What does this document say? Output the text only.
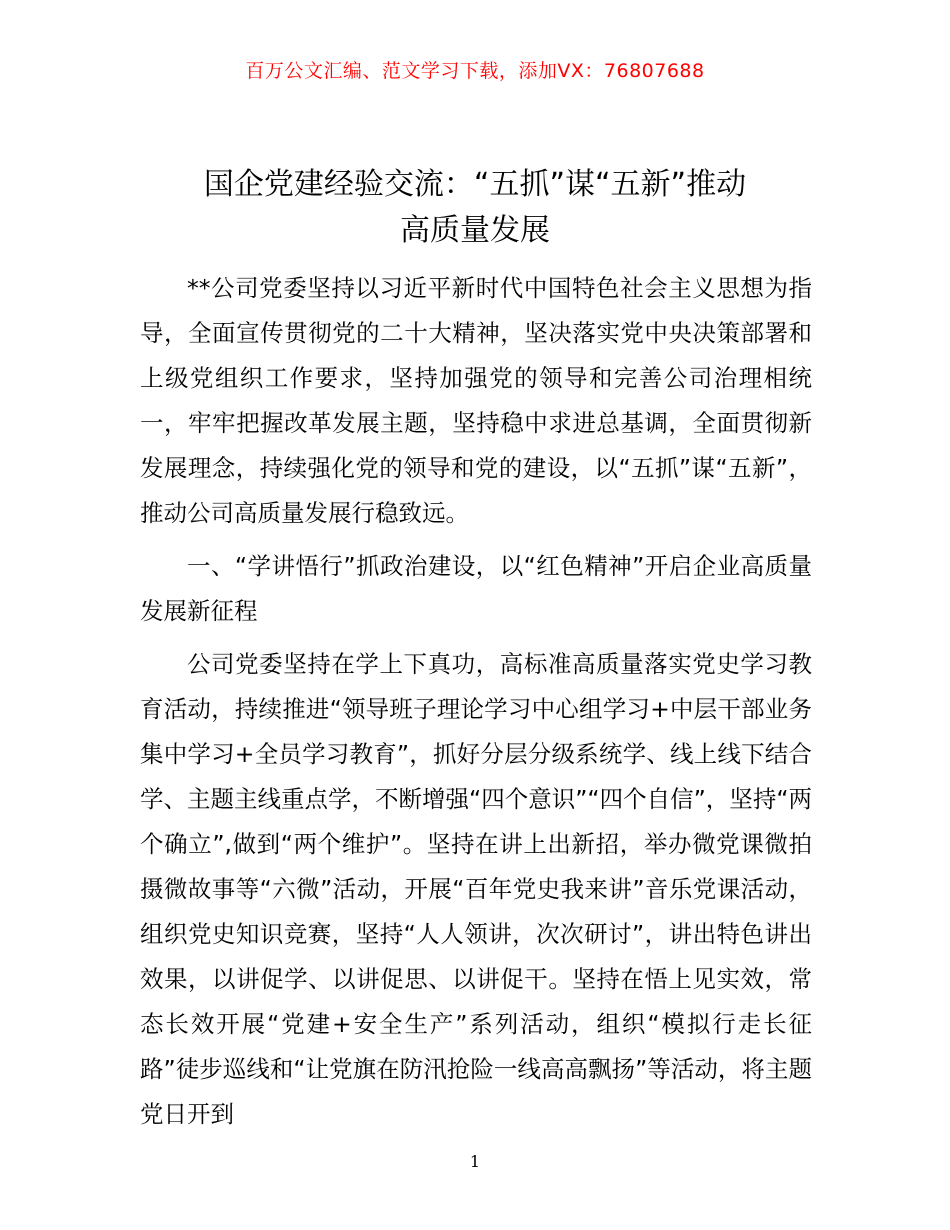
百万公文汇编、范文学习下载，添加VX：76807688
国企党建经验交流：“五抓”谋“五新”推动
高质量发展

**公司党委坚持以习近平新时代中国特色社会主义思想为指导，全面宣传贯彻党的二十大精神，坚决落实党中央决策部署和上级党组织工作要求，坚持加强党的领导和完善公司治理相统一，牢牢把握改革发展主题，坚持稳中求进总基调，全面贯彻新发展理念，持续强化党的领导和党的建设，以“五抓”谋“五新”，推动公司高质量发展行稳致远。

一、“学讲悟行”抓政治建设，以“红色精神”开启企业高质量发展新征程

公司党委坚持在学上下真功，高标准高质量落实党史学习教育活动，持续推进“领导班子理论学习中心组学习+中层干部业务集中学习+全员学习教育”，抓好分层分级系统学、线上线下结合学、主题主线重点学，不断增强“四个意识”“四个自信”，坚持“两个确立”,做到“两个维护”。坚持在讲上出新招，举办微党课微拍摄微故事等“六微”活动，开展“百年党史我来讲”音乐党课活动，组织党史知识竞赛，坚持“人人领讲，次次研讨”，讲出特色讲出效果，以讲促学、以讲促思、以讲促干。坚持在悟上见实效，常态长效开展“党建+安全生产”系列活动，组织“模拟行走长征路”徒步巡线和“让党旗在防汛抢险一线高高飘扬”等活动，将主题党日开到

1
